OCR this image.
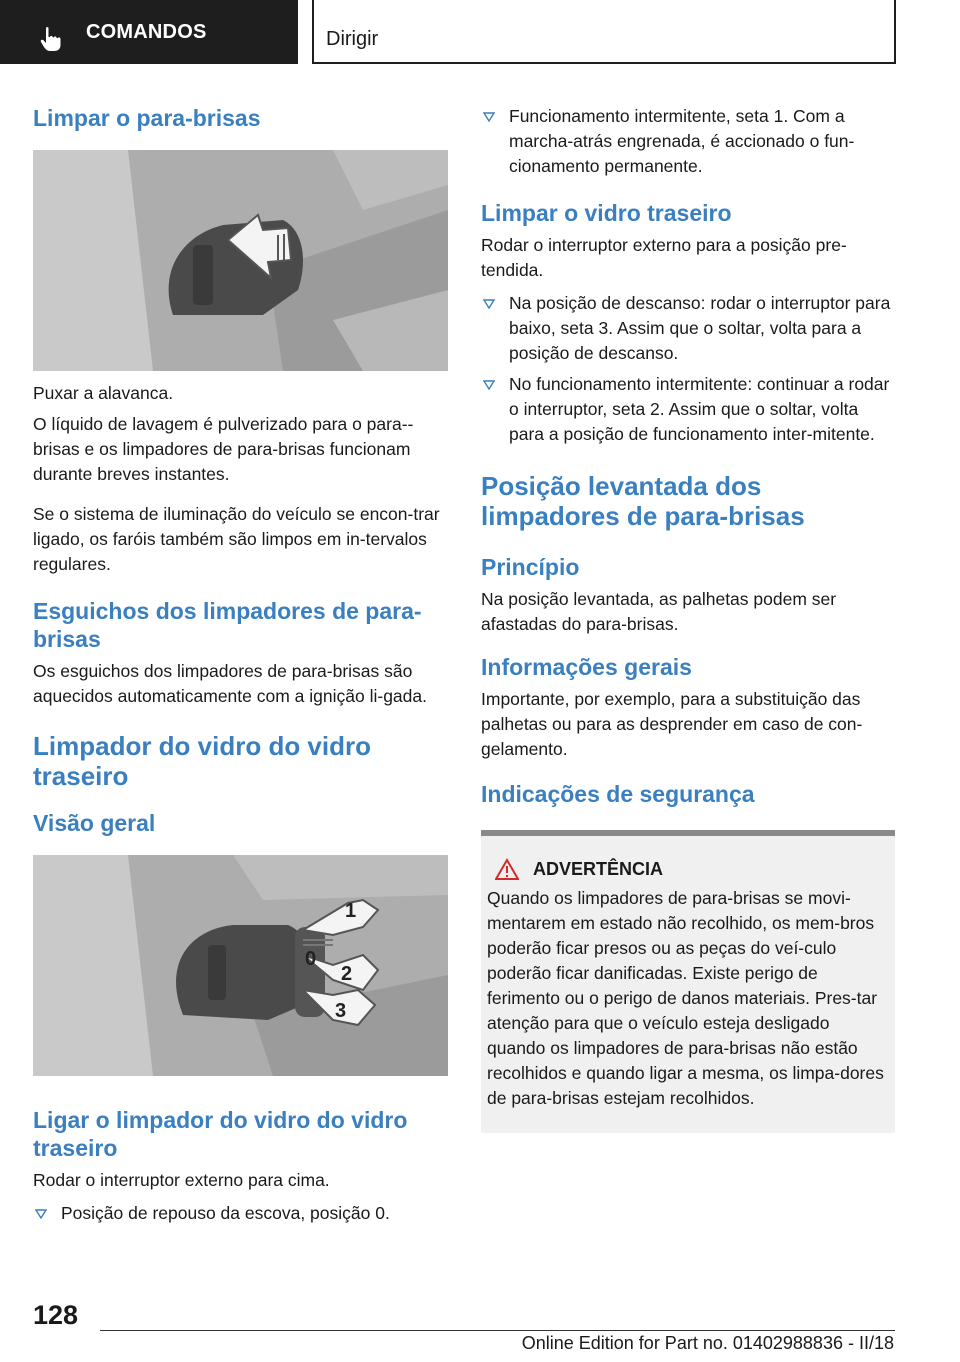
COMANDOS	Dirigir
Limpar o para-brisas

Puxar a alavanca.

O líquido de lavagem é pulverizado para o para--brisas e os limpadores de para-brisas funcionam durante breves instantes.

Se o sistema de iluminação do veículo se encon-trar ligado, os faróis também são limpos em in-tervalos regulares.

Esguichos dos limpadores de para-brisas

Os esguichos dos limpadores de para-brisas são aquecidos automaticamente com a ignição li-gada.

Limpador do vidro do vidro traseiro
Visão geral
1
0
2
3
Ligar o limpador do vidro do vidro traseiro

Rodar o interruptor externo para cima.

Posição de repouso da escova, posição 0.
Funcionamento intermitente, seta 1. Com a marcha-atrás engrenada, é accionado o fun-cionamento permanente.
Limpar o vidro traseiro

Rodar o interruptor externo para a posição pre-tendida.

Na posição de descanso: rodar o interruptor para baixo, seta 3. Assim que o soltar, volta para a posição de descanso.
No funcionamento intermitente: continuar a rodar o interruptor, seta 2. Assim que o soltar, volta para a posição de funcionamento inter-mitente.
Posição levantada dos limpadores de para-brisas
Princípio

Na posição levantada, as palhetas podem ser afastadas do para-brisas.

Informações gerais

Importante, por exemplo, para a substituição das palhetas ou para as desprender em caso de con-gelamento.

Indicações de segurança
ADVERTÊNCIA

Quando os limpadores de para-brisas se movi-mentarem em estado não recolhido, os mem-bros poderão ficar presos ou as peças do veí-culo poderão ficar danificadas. Existe perigo de ferimento ou o perigo de danos materiais. Pres-tar atenção para que o veículo esteja desligado quando os limpadores de para-brisas não estão recolhidos e quando ligar a mesma, os limpa-dores de para-brisas estejam recolhidos.

128
Online Edition for Part no. 01402988836 - II/18
